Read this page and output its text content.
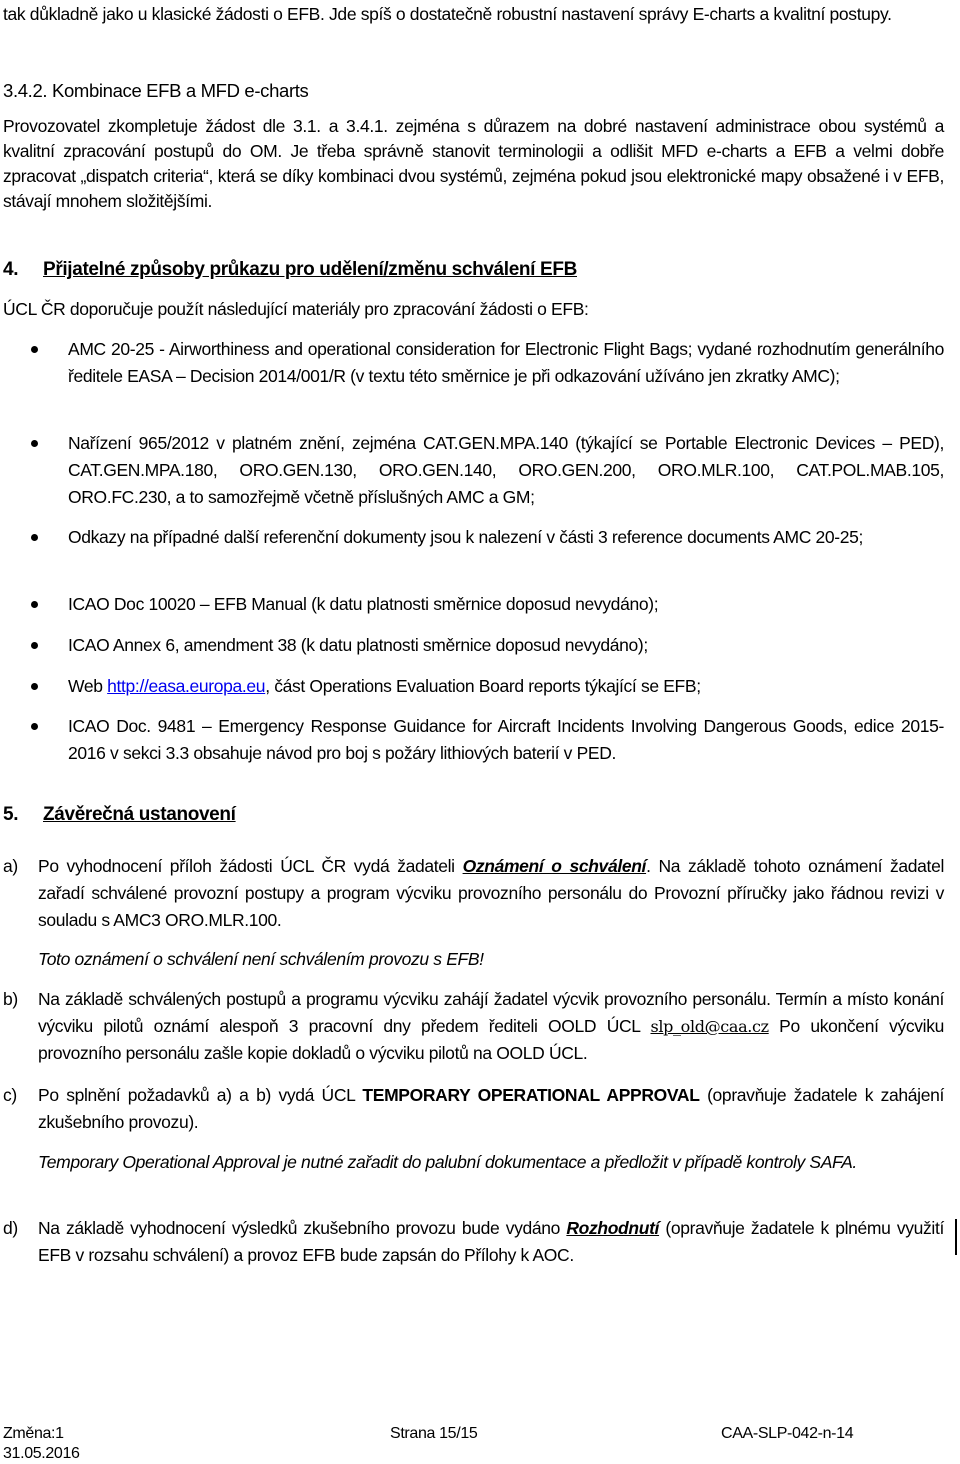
tak důkladně jako u klasické žádosti o EFB. Jde spíš o dostatečně robustní nastavení správy E-charts a kvalitní postupy.
3.4.2. Kombinace EFB a MFD e-charts
Provozovatel zkompletuje žádost dle 3.1. a 3.4.1. zejména s důrazem na dobré nastavení administrace obou systémů a kvalitní zpracování postupů do OM. Je třeba správně stanovit terminologii a odlišit MFD e-charts a EFB a velmi dobře zpracovat „dispatch criteria“, která se díky kombinaci dvou systémů, zejména pokud jsou elektronické mapy obsažené i v EFB, stávají mnohem složitějšími.
4. Přijatelné způsoby průkazu pro udělení/změnu schválení EFB
ÚCL ČR doporučuje použít následující materiály pro zpracování žádosti o EFB:
AMC 20-25 - Airworthiness and operational consideration for Electronic Flight Bags; vydané rozhodnutím generálního ředitele EASA – Decision 2014/001/R (v textu této směrnice je při odkazování užíváno jen zkratky AMC);
Nařízení 965/2012 v platném znění, zejména CAT.GEN.MPA.140 (týkající se Portable Electronic Devices – PED), CAT.GEN.MPA.180, ORO.GEN.130, ORO.GEN.140, ORO.GEN.200, ORO.MLR.100, CAT.POL.MAB.105, ORO.FC.230, a to samozřejmě včetně příslušných AMC a GM;
Odkazy na případné další referenční dokumenty jsou k nalezení v části 3 reference documents AMC 20-25;
ICAO Doc 10020 – EFB Manual (k datu platnosti směrnice doposud nevydáno);
ICAO Annex 6, amendment 38 (k datu platnosti směrnice doposud nevydáno);
Web http://easa.europa.eu, část Operations Evaluation Board reports týkající se EFB;
ICAO Doc. 9481 – Emergency Response Guidance for Aircraft Incidents Involving Dangerous Goods, edice 2015-2016 v sekci 3.3 obsahuje návod pro boj s požáry lithiových baterií v PED.
5. Závěrečná ustanovení
a)	Po vyhodnocení příloh žádosti ÚCL ČR vydá žadateli Oznámení o schválení. Na základě tohoto oznámení žadatel zařadí schválené provozní postupy a program výcviku provozního personálu do Provozní příručky jako řádnou revizi v souladu s AMC3 ORO.MLR.100.
Toto oznámení o schválení není schválením provozu s EFB!
b)	Na základě schválených postupů a programu výcviku zahájí žadatel výcvik provozního personálu. Termín a místo konání výcviku pilotů oznámí alespoň 3 pracovní dny předem řediteli OOLD ÚCL slp_old@caa.cz Po ukončení výcviku provozního personálu zašle kopie dokladů o výcviku pilotů na OOLD ÚCL.
c)	Po splnění požadavků a) a b) vydá ÚCL TEMPORARY OPERATIONAL APPROVAL (opravňuje žadatele k zahájení zkušebního provozu).
Temporary Operational Approval je nutné zařadit do palubní dokumentace a předložit v případě kontroly SAFA.
d)	Na základě vyhodnocení výsledků zkušebního provozu bude vydáno Rozhodnutí (opravňuje žadatele k plnému využití EFB v rozsahu schválení) a provoz EFB bude zapsán do Přílohy k AOC.
Změna:1
31.05.2016
Strana 15/15	CAA-SLP-042-n-14
